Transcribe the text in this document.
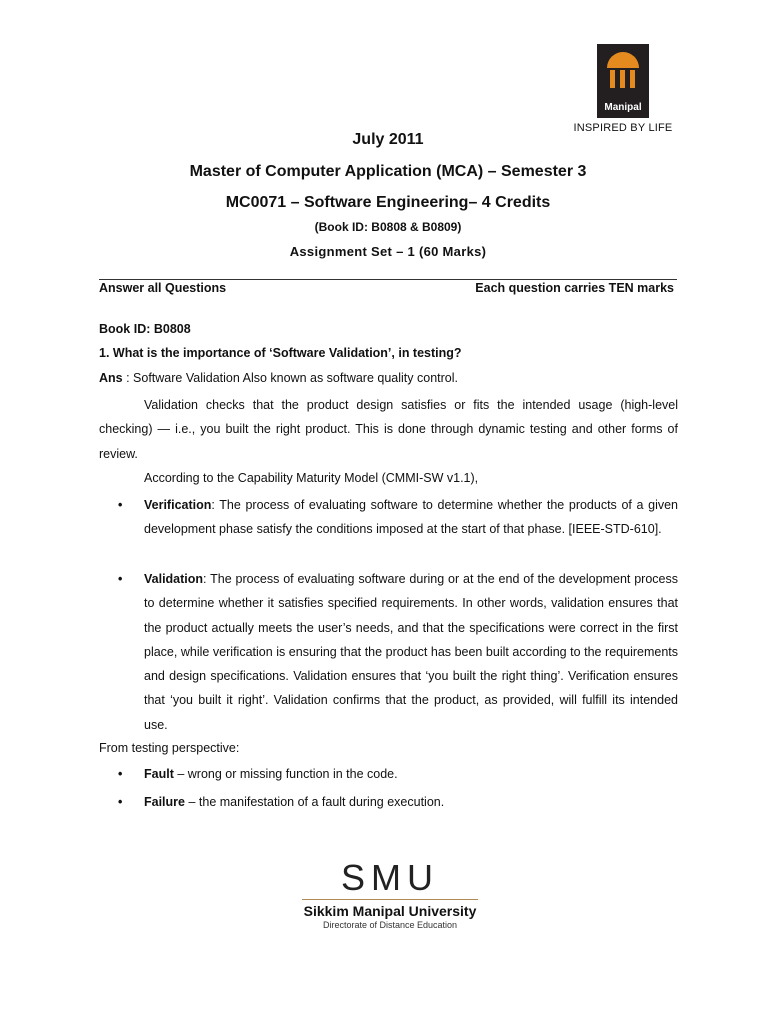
Manipal
INSPIRED BY LIFE
July 2011
Master of Computer Application (MCA) – Semester 3
MC0071 – Software Engineering– 4 Credits
(Book ID: B0808 & B0809)
Assignment Set – 1 (60 Marks)
Answer all Questions	Each question carries TEN marks
Book ID: B0808
1. What is the importance of ‘Software Validation’, in testing?
Ans : Software Validation Also known as software quality control.
Validation checks that the product design satisfies or fits the intended usage (high-level checking) — i.e., you built the right product. This is done through dynamic testing and other forms of review.
According to the Capability Maturity Model (CMMI-SW v1.1),
• Verification: The process of evaluating software to determine whether the products of a given development phase satisfy the conditions imposed at the start of that phase. [IEEE-STD-610].
• Validation: The process of evaluating software during or at the end of the development process to determine whether it satisfies specified requirements. In other words, validation ensures that the product actually meets the user’s needs, and that the specifications were correct in the first place, while verification is ensuring that the product has been built according to the requirements and design specifications. Validation ensures that ‘you built the right thing’. Verification ensures that ‘you built it right’. Validation confirms that the product, as provided, will fulfill its intended use.
From testing perspective:
• Fault – wrong or missing function in the code.
• Failure – the manifestation of a fault during execution.
SMU
Sikkim Manipal University
Directorate of Distance Education
